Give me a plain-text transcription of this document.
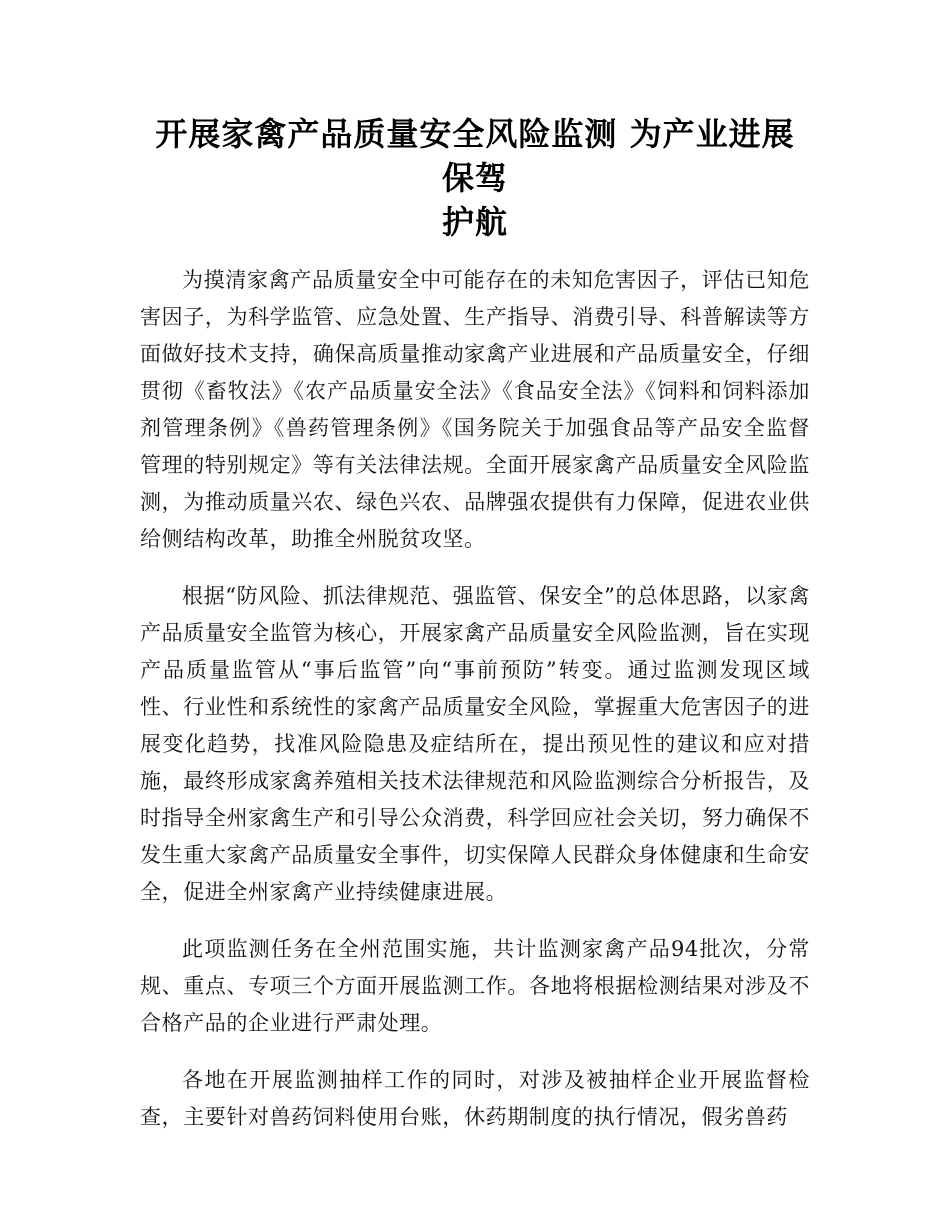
开展家禽产品质量安全风险监测 为产业进展保驾
护航

为摸清家禽产品质量安全中可能存在的未知危害因子，评估已知危害因子，为科学监管、应急处置、生产指导、消费引导、科普解读等方面做好技术支持，确保高质量推动家禽产业进展和产品质量安全，仔细贯彻《畜牧法》《农产品质量安全法》《食品安全法》《饲料和饲料添加剂管理条例》《兽药管理条例》《国务院关于加强食品等产品安全监督管理的特别规定》等有关法律法规。全面开展家禽产品质量安全风险监测，为推动质量兴农、绿色兴农、品牌强农提供有力保障，促进农业供给侧结构改革，助推全州脱贫攻坚。

根据“防风险、抓法律规范、强监管、保安全”的总体思路，以家禽产品质量安全监管为核心，开展家禽产品质量安全风险监测，旨在实现产品质量监管从“事后监管”向“事前预防”转变。通过监测发现区域性、行业性和系统性的家禽产品质量安全风险，掌握重大危害因子的进展变化趋势，找准风险隐患及症结所在，提出预见性的建议和应对措施，最终形成家禽养殖相关技术法律规范和风险监测综合分析报告，及时指导全州家禽生产和引导公众消费，科学回应社会关切，努力确保不发生重大家禽产品质量安全事件，切实保障人民群众身体健康和生命安全，促进全州家禽产业持续健康进展。

此项监测任务在全州范围实施，共计监测家禽产品94批次，分常规、重点、专项三个方面开展监测工作。各地将根据检测结果对涉及不合格产品的企业进行严肃处理。

各地在开展监测抽样工作的同时，对涉及被抽样企业开展监督检查，主要针对兽药饲料使用台账，休药期制度的执行情况，假劣兽药
